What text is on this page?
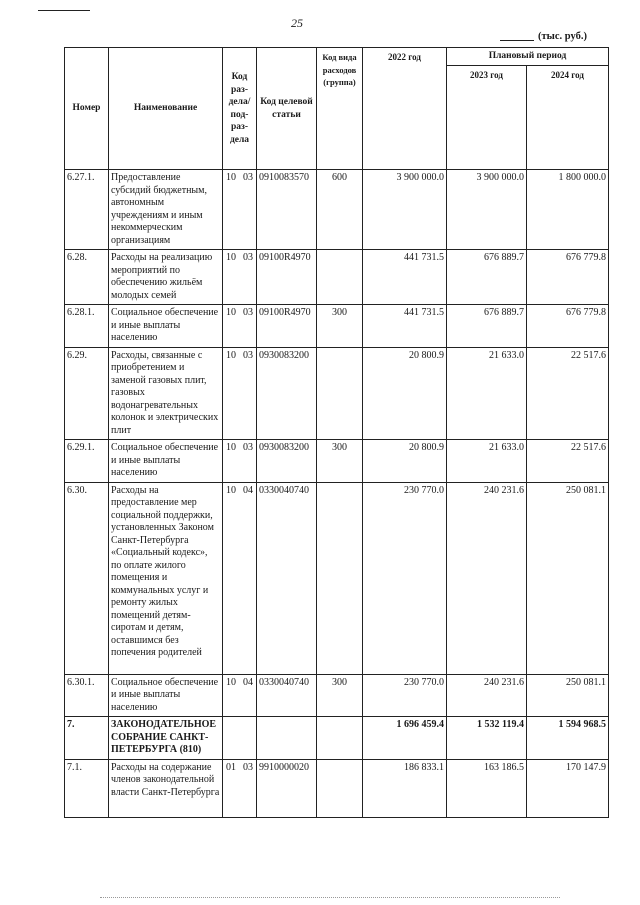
25
(тыс. руб.)
Номер	Наименование	Код раз-дела/под-раз-дела	Код целевой статьи	Код вида расходов (группа)	2022 год	Плановый период	
						2023 год	2024 год
6.27.1.	Предоставление субсидий бюджетным, автономным учреждениям и иным некоммерческим организациям	10 03	0910083570	600	3 900 000.0	3 900 000.0	1 800 000.0
6.28.	Расходы на реализацию мероприятий по обеспечению жильём молодых семей	10 03	09100R4970		441 731.5	676 889.7	676 779.8
6.28.1.	Социальное обеспечение и иные выплаты населению	10 03	09100R4970	300	441 731.5	676 889.7	676 779.8
6.29.	Расходы, связанные с приобретением и заменой газовых плит, газовых водонагревательных колонок и электрических плит	10 03	0930083200		20 800.9	21 633.0	22 517.6
6.29.1.	Социальное обеспечение и иные выплаты населению	10 03	0930083200	300	20 800.9	21 633.0	22 517.6
6.30.	Расходы на предоставление мер социальной поддержки, установленных Законом Санкт-Петербурга «Социальный кодекс», по оплате жилого помещения и коммунальных услуг и ремонту жилых помещений детям-сиротам и детям, оставшимся без попечения родителей	10 04	0330040740		230 770.0	240 231.6	250 081.1
6.30.1.	Социальное обеспечение и иные выплаты населению	10 04	0330040740	300	230 770.0	240 231.6	250 081.1
7.	ЗАКОНОДАТЕЛЬНОЕ СОБРАНИЕ САНКТ-ПЕТЕРБУРГА (810)				1 696 459.4	1 532 119.4	1 594 968.5
7.1.	Расходы на содержание членов законодательной власти Санкт-Петербурга	01 03	9910000020		186 833.1	163 186.5	170 147.9
